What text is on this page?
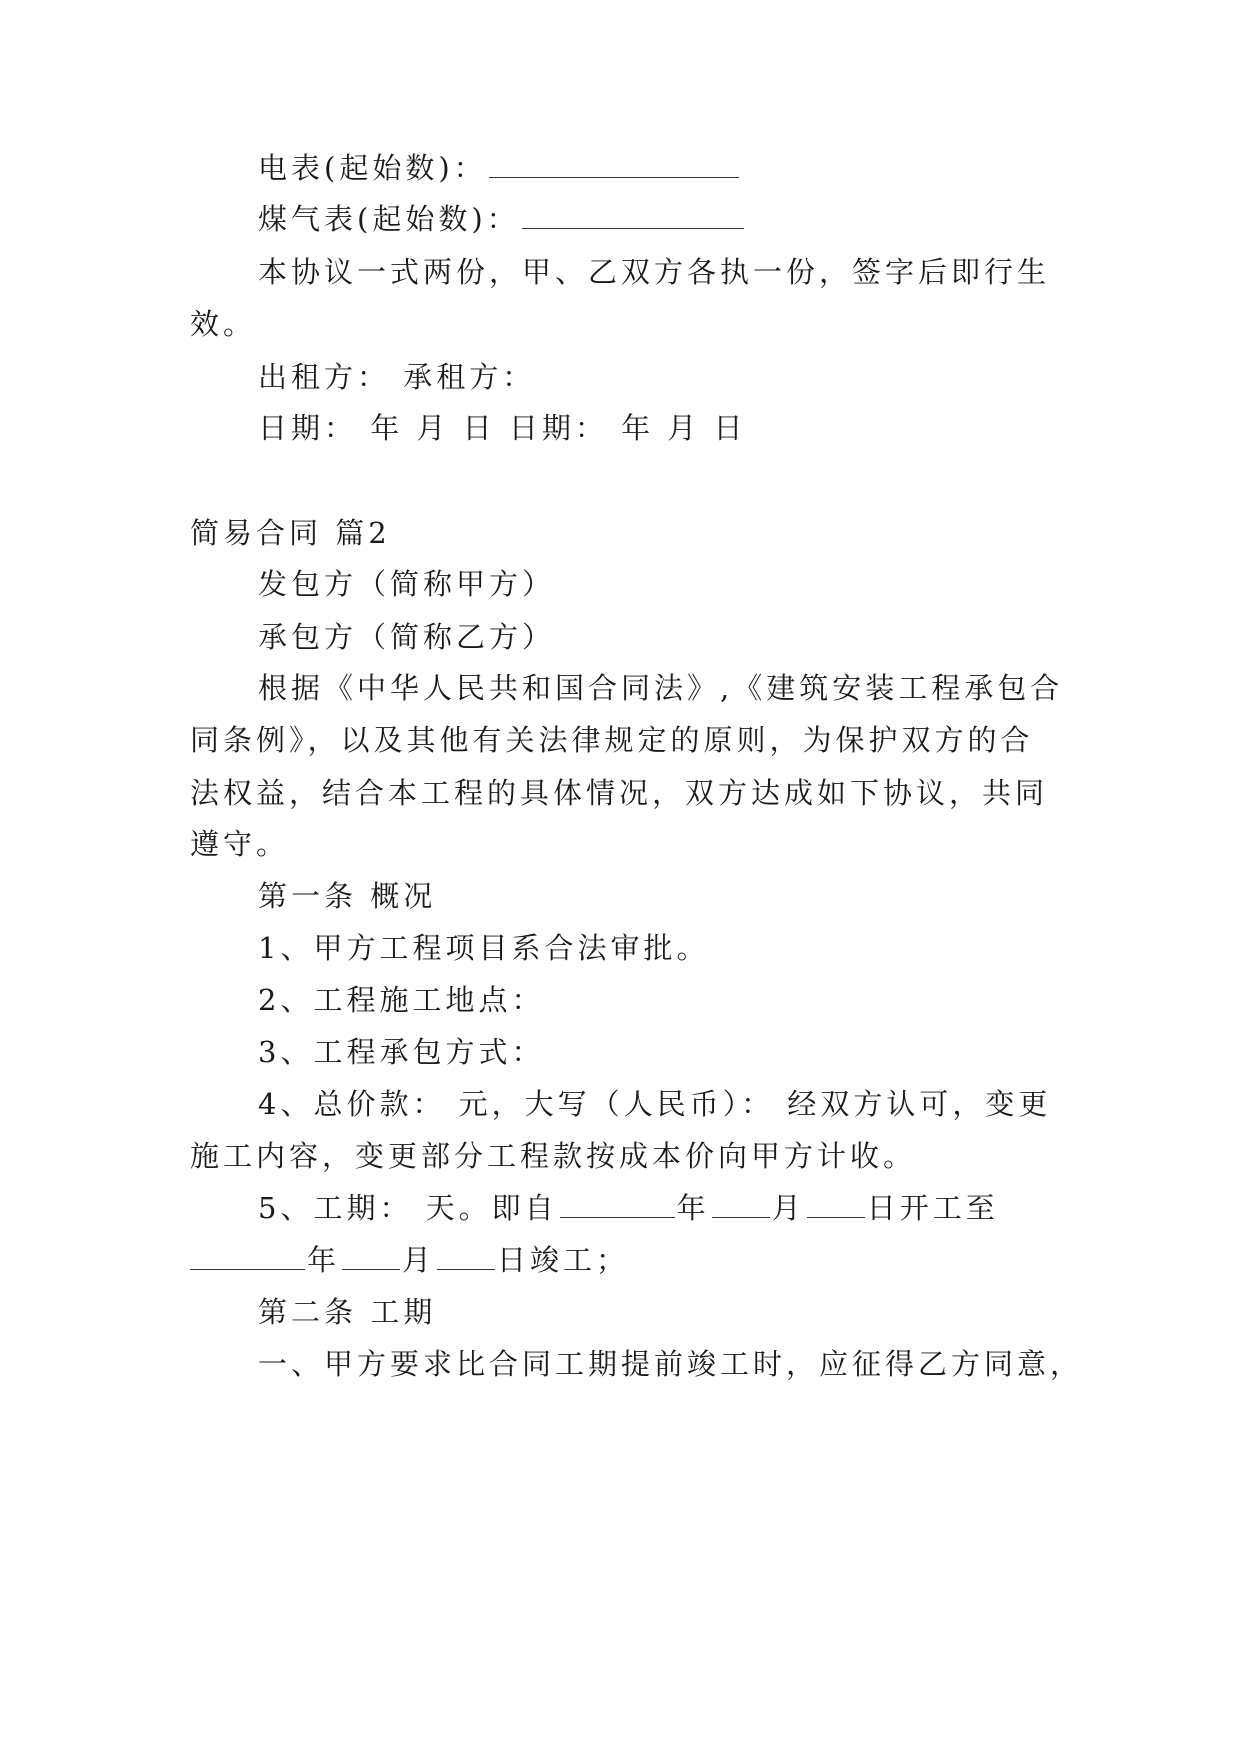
电表(起始数)：
煤气表(起始数)：
本协议一式两份，甲、乙双方各执一份，签字后即行生
效。
出租方： 承租方：
日期： 年 月 日 日期： 年 月 日
简易合同 篇2
发包方（简称甲方）
承包方（简称乙方）
根据《中华人民共和国合同法》,《建筑安装工程承包合
同条例》，以及其他有关法律规定的原则，为保护双方的合
法权益，结合本工程的具体情况，双方达成如下协议，共同
遵守。
第一条 概况
1、甲方工程项目系合法审批。
2、工程施工地点：
3、工程承包方式：
4、总价款： 元，大写（人民币）： 经双方认可，变更
施工内容，变更部分工程款按成本价向甲方计收。
5、工期： 天。即自	年 月 日开工至
年 月 日竣工；
第二条 工期
一、甲方要求比合同工期提前竣工时，应征得乙方同意，
